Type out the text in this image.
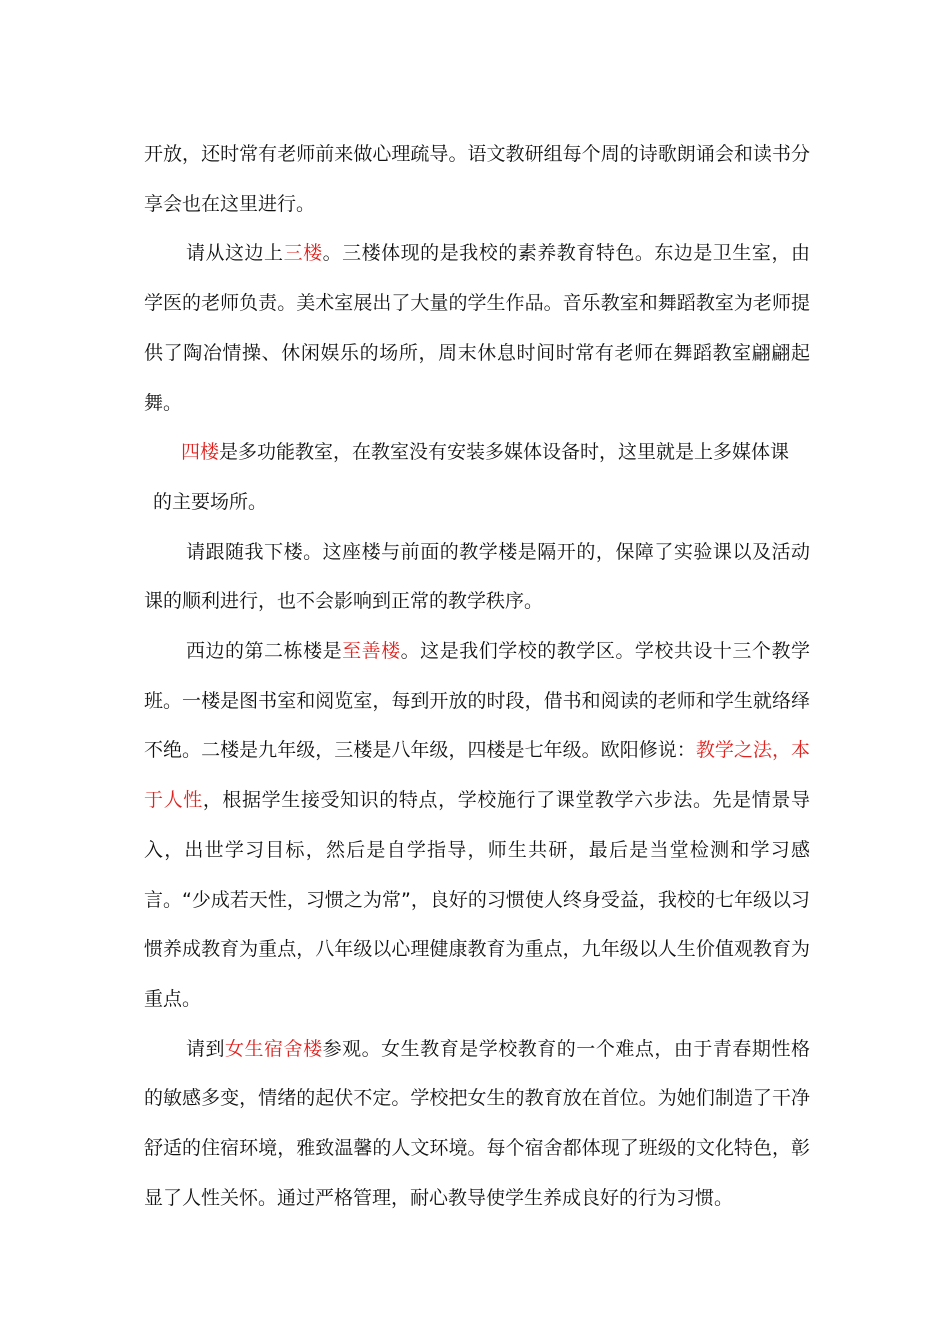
开放，还时常有老师前来做心理疏导。语文教研组每个周的诗歌朗诵会和读书分享会也在这里进行。

请从这边上三楼。三楼体现的是我校的素养教育特色。东边是卫生室，由学医的老师负责。美术室展出了大量的学生作品。音乐教室和舞蹈教室为老师提供了陶冶情操、休闲娱乐的场所，周末休息时间时常有老师在舞蹈教室翩翩起舞。

四楼是多功能教室，在教室没有安装多媒体设备时，这里就是上多媒体课
的主要场所。

请跟随我下楼。这座楼与前面的教学楼是隔开的，保障了实验课以及活动课的顺利进行，也不会影响到正常的教学秩序。

西边的第二栋楼是至善楼。这是我们学校的教学区。学校共设十三个教学班。一楼是图书室和阅览室，每到开放的时段，借书和阅读的老师和学生就络绎不绝。二楼是九年级，三楼是八年级，四楼是七年级。欧阳修说：教学之法，本于人性，根据学生接受知识的特点，学校施行了课堂教学六步法。先是情景导入，出世学习目标，然后是自学指导，师生共研，最后是当堂检测和学习感言。“少成若天性，习惯之为常”，良好的习惯使人终身受益，我校的七年级以习惯养成教育为重点，八年级以心理健康教育为重点，九年级以人生价值观教育为重点。

请到女生宿舍楼参观。女生教育是学校教育的一个难点，由于青春期性格的敏感多变，情绪的起伏不定。学校把女生的教育放在首位。为她们制造了干净舒适的住宿环境，雅致温馨的人文环境。每个宿舍都体现了班级的文化特色，彰显了人性关怀。通过严格管理，耐心教导使学生养成良好的行为习惯。
